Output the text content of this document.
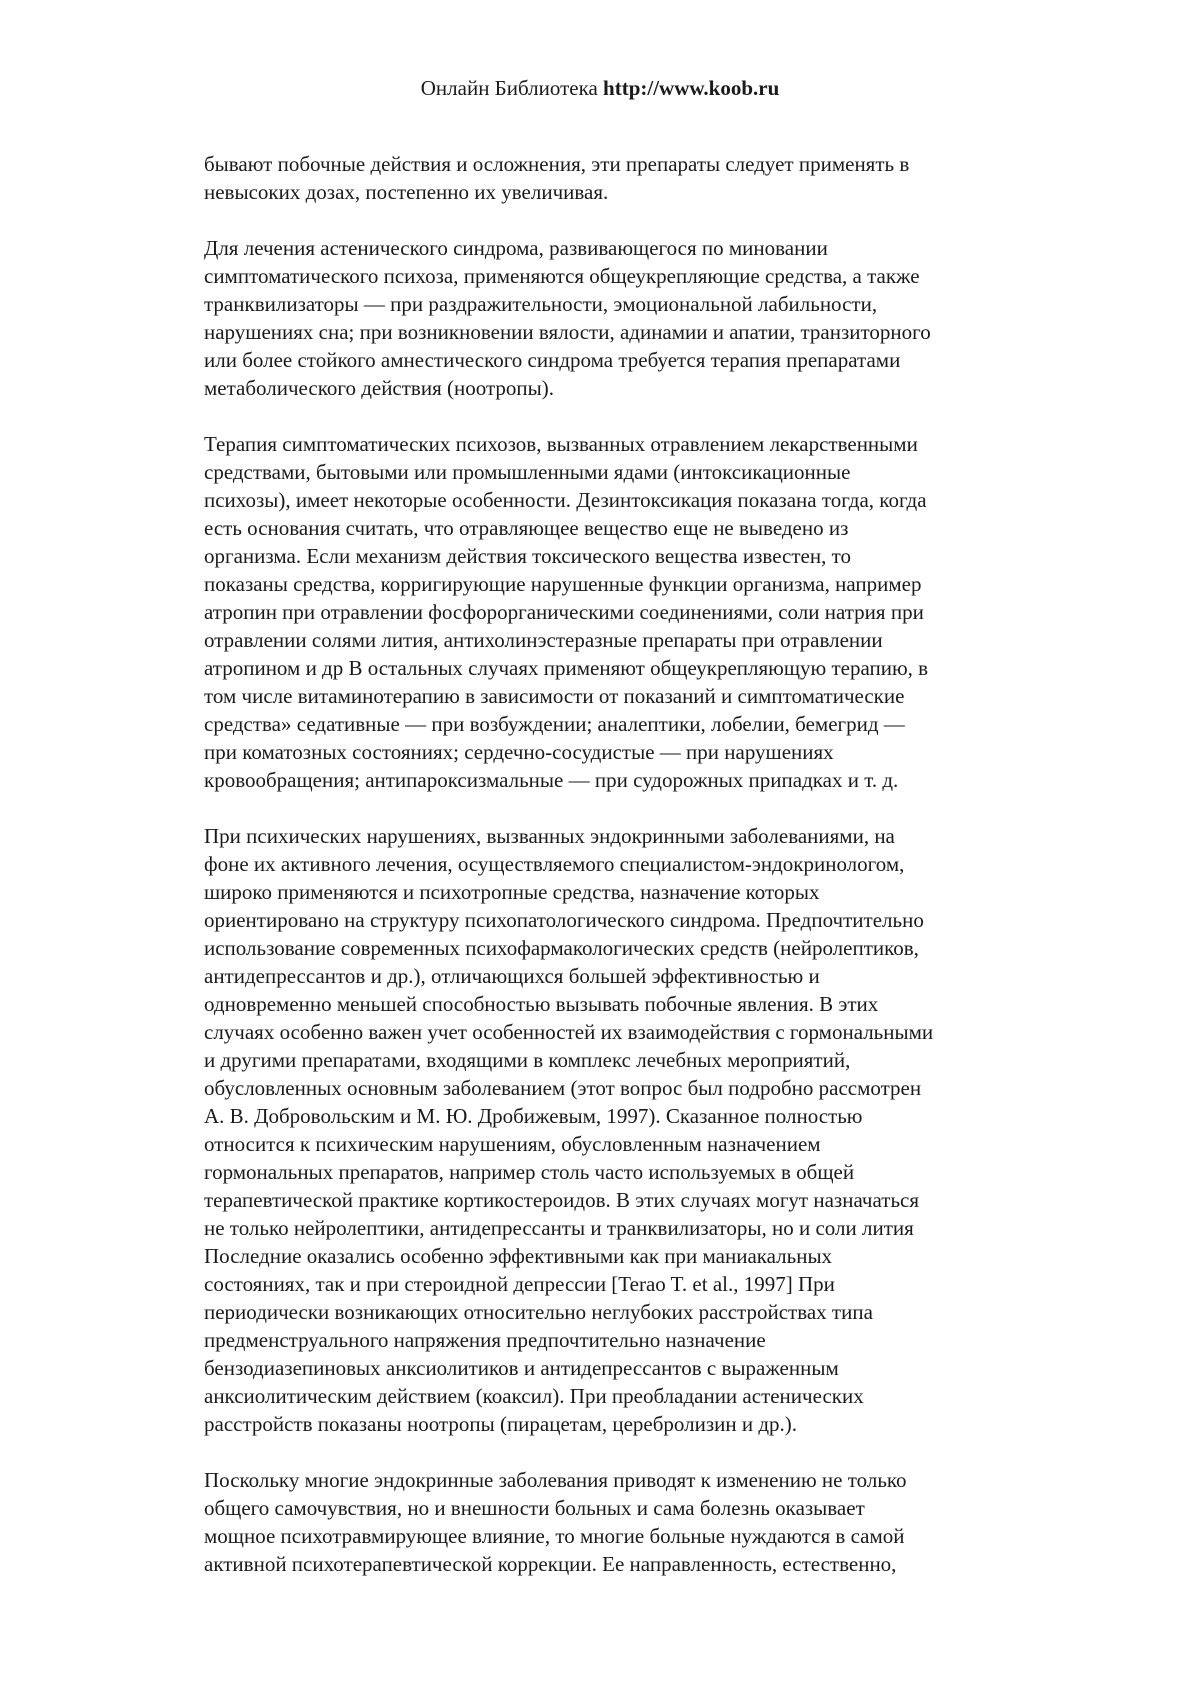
Онлайн Библиотека http://www.koob.ru

бывают побочные действия и осложнения, эти препараты следует применять в
невысоких дозах, постепенно их увеличивая.

Для лечения астенического синдрома, развивающегося по миновании
симптоматического психоза, применяются общеукрепляющие средства, а также
транквилизаторы — при раздражительности, эмоциональной лабильности,
нарушениях сна; при возникновении вялости, адинамии и апатии, транзиторного
или более стойкого амнестического синдрома требуется терапия препаратами
метаболического действия (ноотропы).

Терапия симптоматических психозов, вызванных отравлением лекарственными
средствами, бытовыми или промышленными ядами (интоксикационные
психозы), имеет некоторые особенности. Дезинтоксикация показана тогда, когда
есть основания считать, что отравляющее вещество еще не выведено из
организма. Если механизм действия токсического вещества известен, то
показаны средства, корригирующие нарушенные функции организма, например
атропин при отравлении фосфорорганическими соединениями, соли натрия при
отравлении солями лития, антихолинэстеразные препараты при отравлении
атропином и др В остальных случаях применяют общеукрепляющую терапию, в
том числе витаминотерапию в зависимости от показаний и симптоматические
средства» седативные — при возбуждении; аналептики, лобелии, бемегрид —
при коматозных состояниях; сердечно-сосудистые — при нарушениях
кровообращения; антипароксизмальные — при судорожных припадках и т. д.

При психических нарушениях, вызванных эндокринными заболеваниями, на
фоне их активного лечения, осуществляемого специалистом-эндокринологом,
широко применяются и психотропные средства, назначение которых
ориентировано на структуру психопатологического синдрома. Предпочтительно
использование современных психофармакологических средств (нейролептиков,
антидепрессантов и др.), отличающихся большей эффективностью и
одновременно меньшей способностью вызывать побочные явления. В этих
случаях особенно важен учет особенностей их взаимодействия с гормональными
и другими препаратами, входящими в комплекс лечебных мероприятий,
обусловленных основным заболеванием (этот вопрос был подробно рассмотрен
А. В. Добровольским и М. Ю. Дробижевым, 1997). Сказанное полностью
относится к психическим нарушениям, обусловленным назначением
гормональных препаратов, например столь часто используемых в общей
терапевтической практике кортикостероидов. В этих случаях могут назначаться
не только нейролептики, антидепрессанты и транквилизаторы, но и соли лития
Последние оказались особенно эффективными как при маниакальных
состояниях, так и при стероидной депрессии [Terao T. et al., 1997] При
периодически возникающих относительно неглубоких расстройствах типа
предменструального напряжения предпочтительно назначение
бензодиазепиновых анксиолитиков и антидепрессантов с выраженным
анксиолитическим действием (коаксил). При преобладании астенических
расстройств показаны ноотропы (пирацетам, церебролизин и др.).

Поскольку многие эндокринные заболевания приводят к изменению не только
общего самочувствия, но и внешности больных и сама болезнь оказывает
мощное психотравмирующее влияние, то многие больные нуждаются в самой
активной психотерапевтической коррекции. Ее направленность, естественно,
